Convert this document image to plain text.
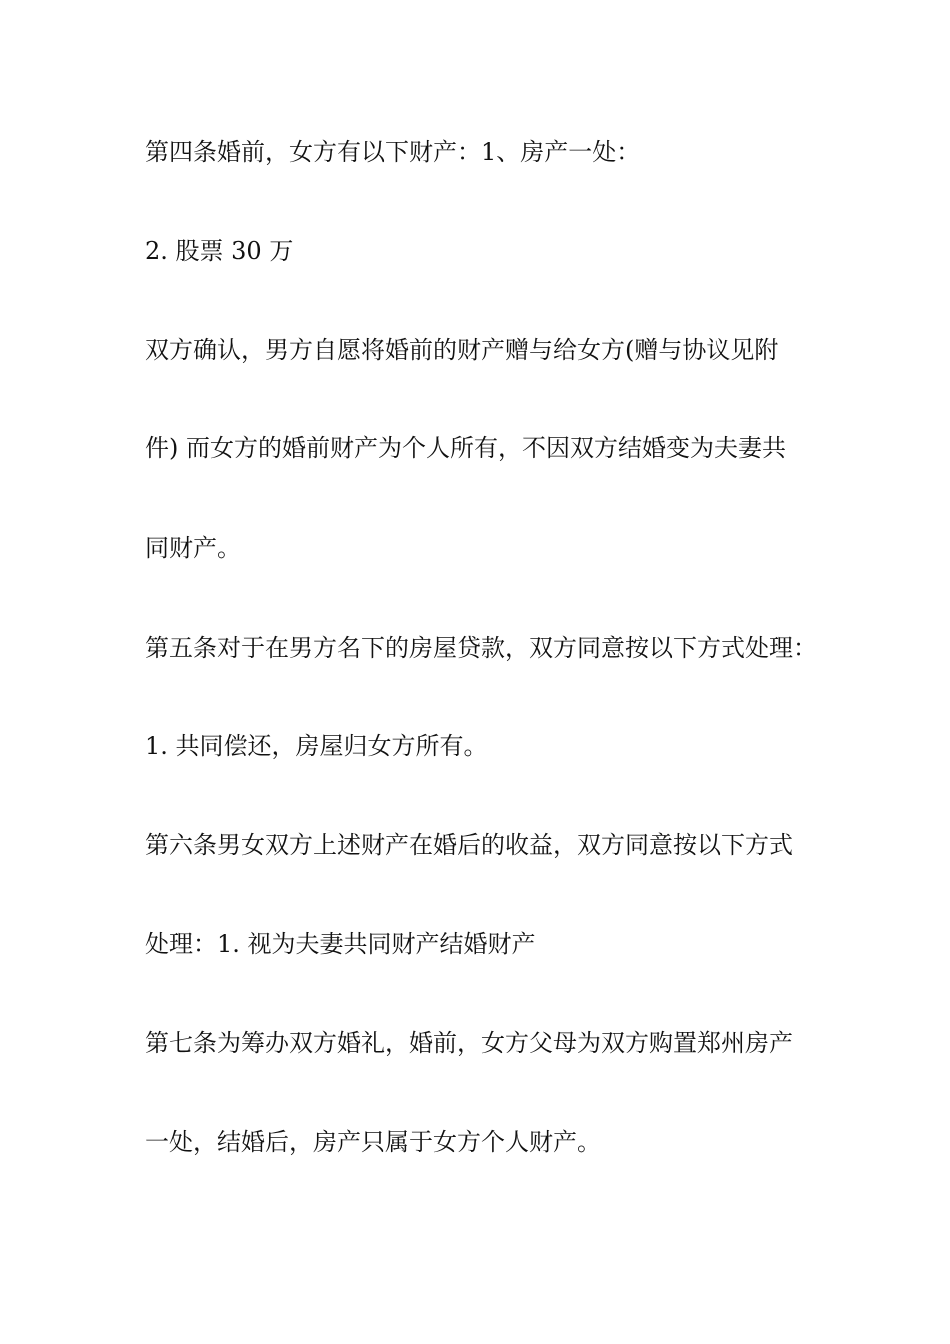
第四条婚前，女方有以下财产：1、房产一处：

2. 股票 30 万

双方确认，男方自愿将婚前的财产赠与给女方(赠与协议见附

件) 而女方的婚前财产为个人所有，不因双方结婚变为夫妻共

同财产。

第五条对于在男方名下的房屋贷款，双方同意按以下方式处理：

1. 共同偿还，房屋归女方所有。

第六条男女双方上述财产在婚后的收益，双方同意按以下方式

处理：1. 视为夫妻共同财产结婚财产

第七条为筹办双方婚礼，婚前，女方父母为双方购置郑州房产

一处，结婚后，房产只属于女方个人财产。
